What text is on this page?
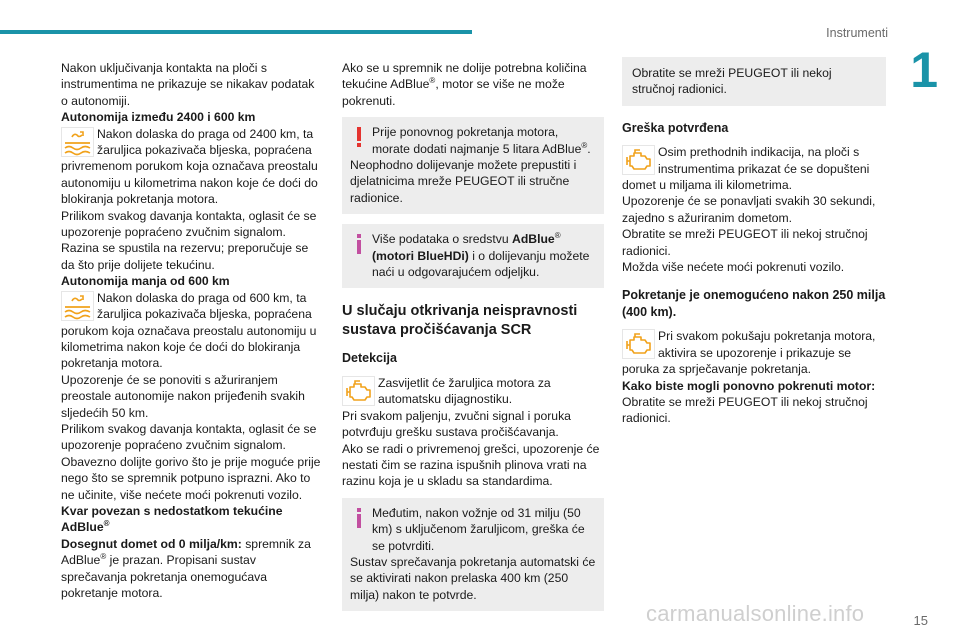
Instrumenti
1

Nakon uključivanja kontakta na ploči s instrumentima ne prikazuje se nikakav podatak o autonomiji.

Autonomija između 2400 i 600 km

Nakon dolaska do praga od 2400 km, ta žaruljica pokazivača bljeska, popraćena privremenom porukom koja označava preostalu autonomiju u kilometrima nakon koje će doći do blokiranja pokretanja motora.

Prilikom svakog davanja kontakta, oglasit će se upozorenje popraćeno zvučnim signalom.

Razina se spustila na rezervu; preporučuje se da što prije dolijete tekućinu.

Autonomija manja od 600 km

Nakon dolaska do praga od 600 km, ta žaruljica pokazivača bljeska, popraćena porukom koja označava preostalu autonomiju u kilometrima nakon koje će doći do blokiranja pokretanja motora.

Upozorenje će se ponoviti s ažuriranjem preostale autonomije nakon prijeđenih svakih sljedećih 50 km.

Prilikom svakog davanja kontakta, oglasit će se upozorenje popraćeno zvučnim signalom.

Obavezno dolijte gorivo što je prije moguće prije nego što se spremnik potpuno isprazni. Ako to ne učinite, više nećete moći pokrenuti vozilo.

Kvar povezan s nedostatkom tekućine AdBlue®

Dosegnut domet od 0 milja/km: spremnik za AdBlue® je prazan. Propisani sustav sprečavanja pokretanja onemogućava pokretanje motora.

Ako se u spremnik ne dolije potrebna količina tekućine AdBlue®, motor se više ne može pokrenuti.

Prije ponovnog pokretanja motora, morate dodati najmanje 5 litara AdBlue®.

Neophodno dolijevanje možete prepustiti i djelatnicima mreže PEUGEOT ili stručne radionice.

Više podataka o sredstvu AdBlue®
(motori BlueHDi) i o dolijevanju možete naći u odgovarajućem odjeljku.

U slučaju otkrivanja neispravnosti sustava pročišćavanja SCR

Detekcija

Zasvijetlit će žaruljica motora za automatsku dijagnostiku.

Pri svakom paljenju, zvučni signal i poruka potvrđuju grešku sustava pročišćavanja.

Ako se radi o privremenoj grešci, upozorenje će nestati čim se razina ispušnih plinova vrati na razinu koja je u skladu sa standardima.

Međutim, nakon vožnje od 31 milju (50 km) s uključenom žaruljicom, greška će se potvrditi.

Sustav sprečavanja pokretanja automatski će se aktivirati nakon prelaska 400 km (250 milja) nakon te potvrde.

Obratite se mreži PEUGEOT ili nekoj stručnoj radionici.

Greška potvrđena

Osim prethodnih indikacija, na ploči s instrumentima prikazat će se dopušteni domet u miljama ili kilometrima.

Upozorenje će se ponavljati svakih 30 sekundi, zajedno s ažuriranim dometom.

Obratite se mreži PEUGEOT ili nekoj stručnoj radionici.

Možda više nećete moći pokrenuti vozilo.

Pokretanje je onemogućeno nakon 250 milja (400 km).

Pri svakom pokušaju pokretanja motora, aktivira se upozorenje i prikazuje se poruka za sprječavanje pokretanja.

Kako biste mogli ponovno pokrenuti motor:

Obratite se mreži PEUGEOT ili nekoj stručnoj radionici.

carmanualsonline.info	15
